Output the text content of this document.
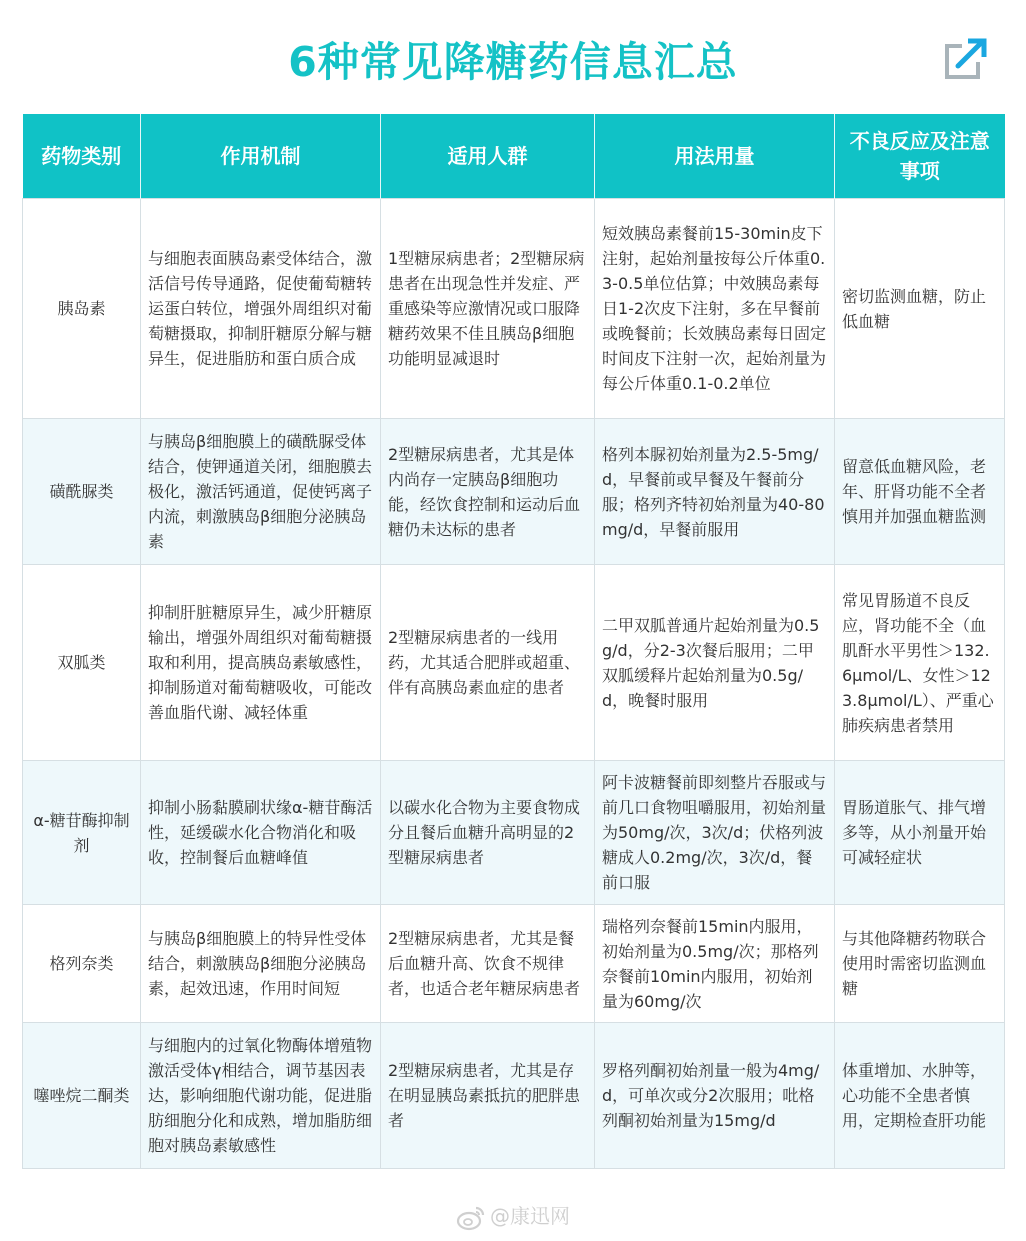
6种常见降糖药信息汇总
药物类别	作用机制	适用人群	用法用量	不良反应及注意事项
胰岛素	与细胞表面胰岛素受体结合，激活信号传导通路，促使葡萄糖转运蛋白转位，增强外周组织对葡萄糖摄取，抑制肝糖原分解与糖异生，促进脂肪和蛋白质合成	1型糖尿病患者；2型糖尿病患者在出现急性并发症、严重感染等应激情况或口服降糖药效果不佳且胰岛β细胞功能明显减退时	短效胰岛素餐前15-30min皮下注射，起始剂量按每公斤体重0.3-0.5单位估算；中效胰岛素每日1-2次皮下注射，多在早餐前或晚餐前；长效胰岛素每日固定时间皮下注射一次，起始剂量为每公斤体重0.1-0.2单位	密切监测血糖，防止低血糖
磺酰脲类	与胰岛β细胞膜上的磺酰脲受体结合，使钾通道关闭，细胞膜去极化，激活钙通道，促使钙离子内流，刺激胰岛β细胞分泌胰岛素	2型糖尿病患者，尤其是体内尚存一定胰岛β细胞功能，经饮食控制和运动后血糖仍未达标的患者	格列本脲初始剂量为2.5-5mg/d，早餐前或早餐及午餐前分服；格列齐特初始剂量为40-80mg/d，早餐前服用	留意低血糖风险，老年、肝肾功能不全者慎用并加强血糖监测
双胍类	抑制肝脏糖原异生，减少肝糖原输出，增强外周组织对葡萄糖摄取和利用，提高胰岛素敏感性，抑制肠道对葡萄糖吸收，可能改善血脂代谢、减轻体重	2型糖尿病患者的一线用药，尤其适合肥胖或超重、伴有高胰岛素血症的患者	二甲双胍普通片起始剂量为0.5g/d，分2-3次餐后服用；二甲双胍缓释片起始剂量为0.5g/d，晚餐时服用	常见胃肠道不良反应，肾功能不全（血肌酐水平男性＞132.6μmol/L、女性＞123.8μmol/L）、严重心肺疾病患者禁用
α-糖苷酶抑制剂	抑制小肠黏膜刷状缘α-糖苷酶活性，延缓碳水化合物消化和吸收，控制餐后血糖峰值	以碳水化合物为主要食物成分且餐后血糖升高明显的2型糖尿病患者	阿卡波糖餐前即刻整片吞服或与前几口食物咀嚼服用，初始剂量为50mg/次，3次/d；伏格列波糖成人0.2mg/次，3次/d，餐前口服	胃肠道胀气、排气增多等，从小剂量开始可减轻症状
格列奈类	与胰岛β细胞膜上的特异性受体结合，刺激胰岛β细胞分泌胰岛素，起效迅速，作用时间短	2型糖尿病患者，尤其是餐后血糖升高、饮食不规律者，也适合老年糖尿病患者	瑞格列奈餐前15min内服用，初始剂量为0.5mg/次；那格列奈餐前10min内服用，初始剂量为60mg/次	与其他降糖药物联合使用时需密切监测血糖
噻唑烷二酮类	与细胞内的过氧化物酶体增殖物激活受体γ相结合，调节基因表达，影响细胞代谢功能，促进脂肪细胞分化和成熟，增加脂肪细胞对胰岛素敏感性	2型糖尿病患者，尤其是存在明显胰岛素抵抗的肥胖患者	罗格列酮初始剂量一般为4mg/d，可单次或分2次服用；吡格列酮初始剂量为15mg/d	体重增加、水肿等，心功能不全患者慎用，定期检查肝功能
@康迅网
